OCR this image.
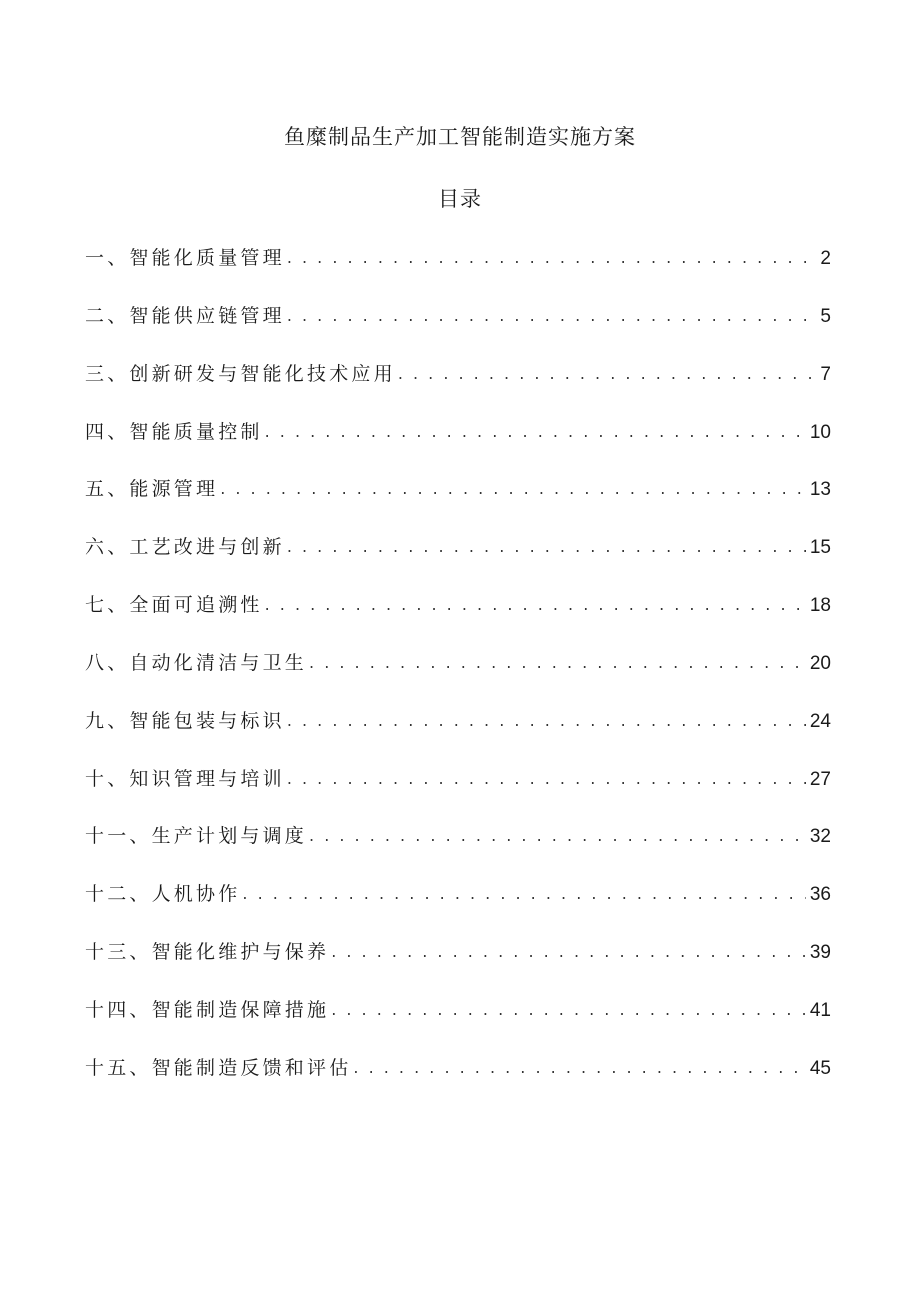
鱼糜制品生产加工智能制造实施方案
目录
一、智能化质量管理 . . .	2
二、智能供应链管理 . . .	5
三、创新研发与智能化技术应用 . . .	7
四、智能质量控制 . . .	10
五、能源管理 . . .	13
六、工艺改进与创新 . . .	15
七、全面可追溯性 . . .	18
八、自动化清洁与卫生 . . .	20
九、智能包装与标识 . . .	24
十、知识管理与培训 . . .	27
十一、生产计划与调度 . . .	32
十二、人机协作 . . .	36
十三、智能化维护与保养 . . .	39
十四、智能制造保障措施 . . .	41
十五、智能制造反馈和评估 . . .	45
